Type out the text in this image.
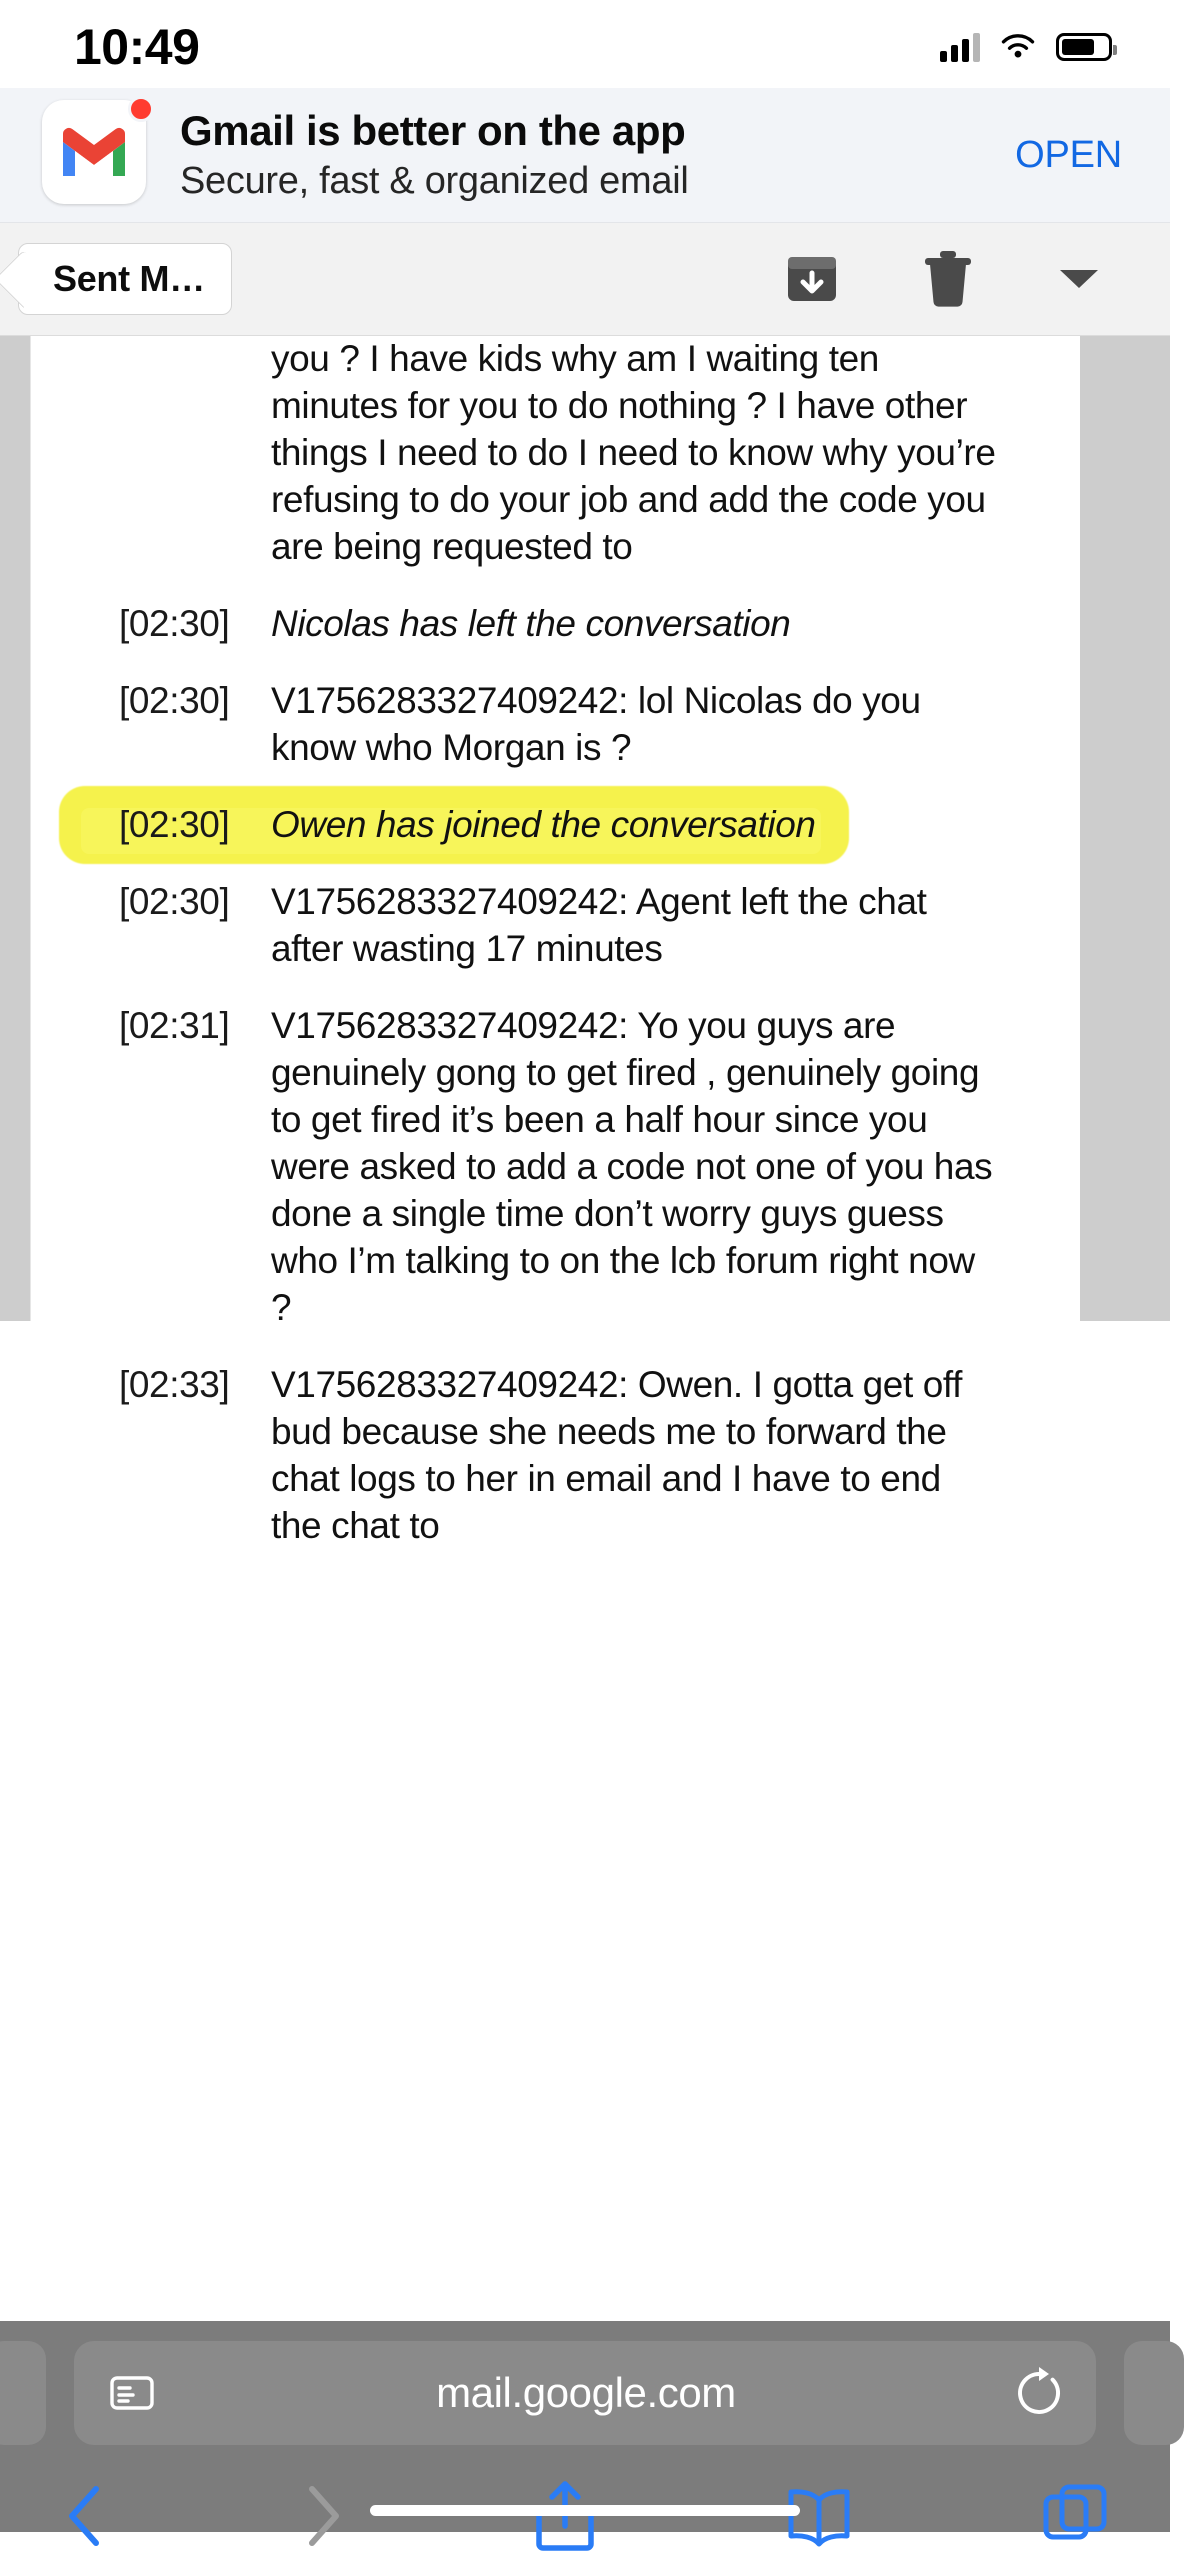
10:49
Gmail is better on the app
Secure, fast & organized email
OPEN
Sent M…
you ? I have kids why am I waiting ten minutes for you to do nothing ? I have other things I need to do I need to know why you’re refusing to do your job and add the code you are being requested to
[02:30]	Nicolas has left the conversation
[02:30]	V1756283327409242: lol Nicolas do you know who Morgan is ?
[02:30]	Owen has joined the conversation
[02:30]	V1756283327409242: Agent left the chat after wasting 17 minutes
[02:31]	V1756283327409242: Yo you guys are genuinely gong to get fired , genuinely going to get fired it’s been a half hour since you were asked to add a code not one of you has done a single time don’t worry guys guess who I’m talking to on the lcb forum right now ?
[02:33]	V1756283327409242: Owen. I gotta get off bud because she needs me to forward the chat logs to her in email and I have to end the chat to
mail.google.com
